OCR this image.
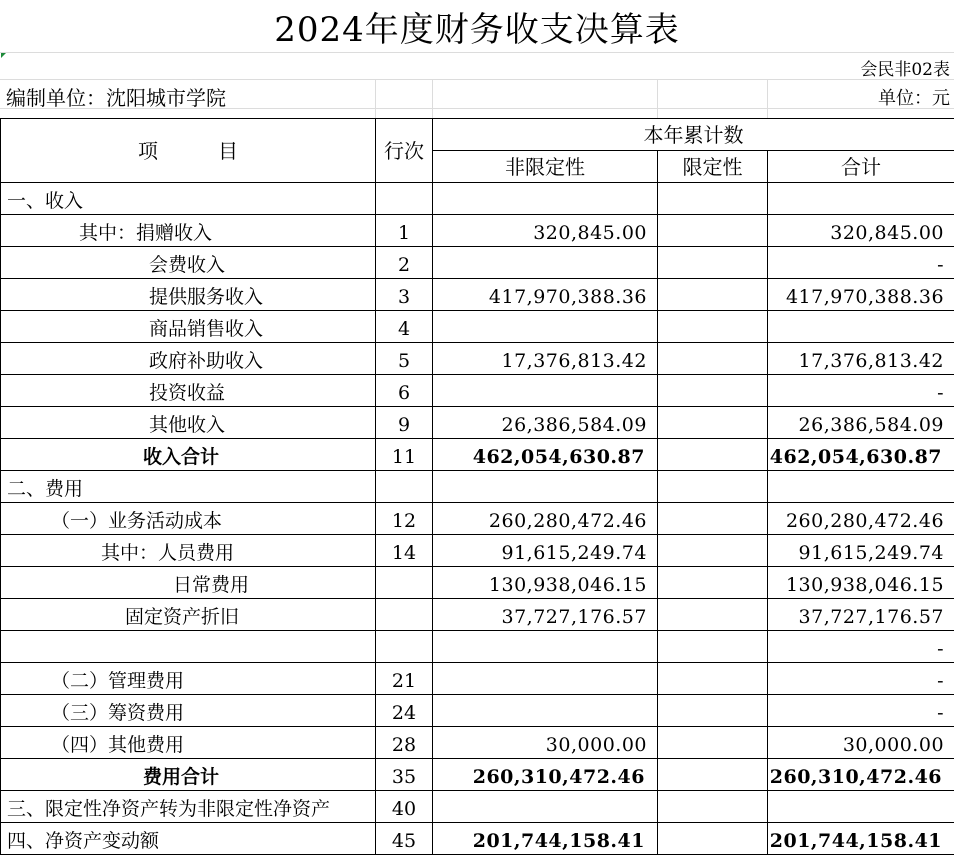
2024年度财务收支决算表
会民非02表
编制单位：沈阳城市学院	单位：元
项　　　目	行次	本年累计数		
		非限定性	限定性	合计
一、收入				
其中：捐赠收入	1	320,845.00		320,845.00
会费收入	2			-
提供服务收入	3	417,970,388.36		417,970,388.36
商品销售收入	4			
政府补助收入	5	17,376,813.42		17,376,813.42
投资收益	6			-
其他收入	9	26,386,584.09		26,386,584.09
收入合计	11	462,054,630.87		462,054,630.87
二、费用				
（一）业务活动成本	12	260,280,472.46		260,280,472.46
其中：人员费用	14	91,615,249.74		91,615,249.74
日常费用		130,938,046.15		130,938,046.15
固定资产折旧		37,727,176.57		37,727,176.57
				-
（二）管理费用	21			-
（三）筹资费用	24			-
（四）其他费用	28	30,000.00		30,000.00
费用合计	35	260,310,472.46		260,310,472.46
三、限定性净资产转为非限定性净资产	40			
四、净资产变动额	45	201,744,158.41		201,744,158.41
